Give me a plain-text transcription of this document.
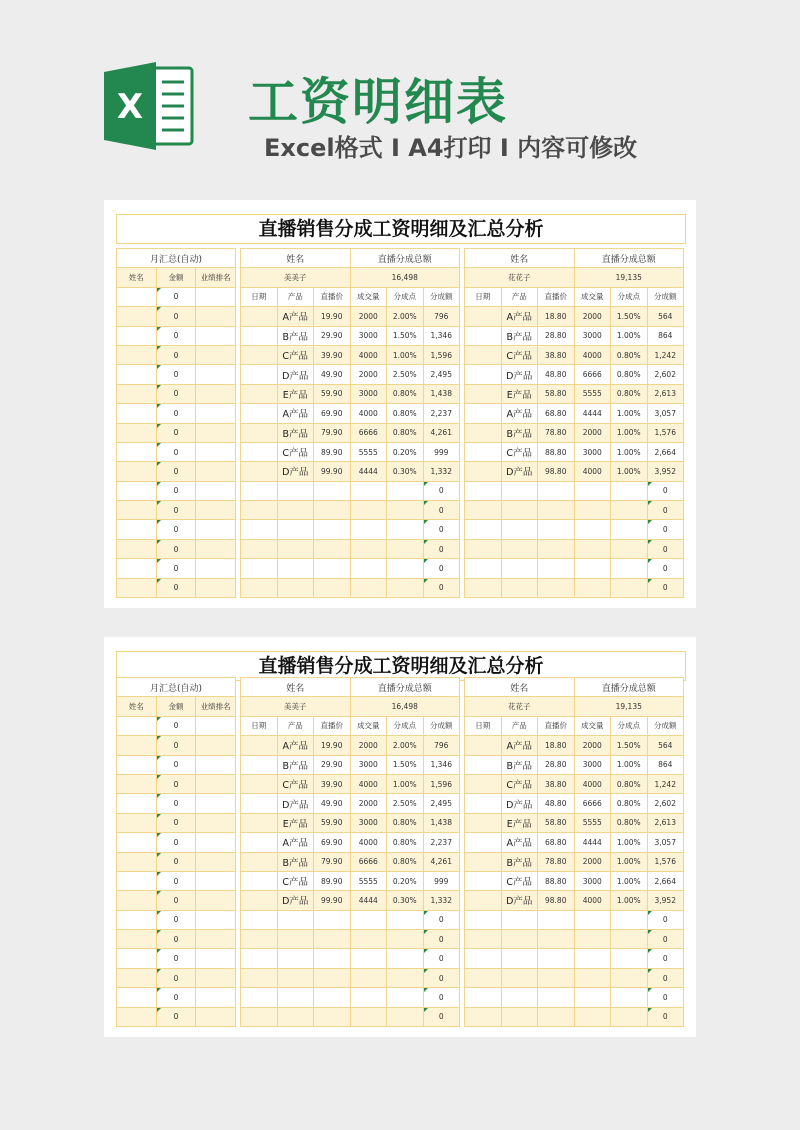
X 工资明细表
Excel格式 I A4打印 I 内容可修改
直播销售分成工资明细及汇总分析
月汇总(自动)		
姓名	金额	业绩排名
	0	
	0	
	0	
	0	
	0	
	0	
	0	
	0	
	0	
	0	
	0	
	0	
	0	
	0	
	0	
	0	
姓名			直播分成总额		
美美子			16,498		
日期	产品	直播价	成交量	分成点	分成额
	A产品	19.90	2000	2.00%	796
	B产品	29.90	3000	1.50%	1,346
	C产品	39.90	4000	1.00%	1,596
	D产品	49.90	2000	2.50%	2,495
	E产品	59.90	3000	0.80%	1,438
	A产品	69.90	4000	0.80%	2,237
	B产品	79.90	6666	0.80%	4,261
	C产品	89.90	5555	0.20%	999
	D产品	99.90	4444	0.30%	1,332
					0
					0
					0
					0
					0
					0
姓名			直播分成总额		
花花子			19,135		
日期	产品	直播价	成交量	分成点	分成额
	A产品	18.80	2000	1.50%	564
	B产品	28.80	3000	1.00%	864
	C产品	38.80	4000	0.80%	1,242
	D产品	48.80	6666	0.80%	2,602
	E产品	58.80	5555	0.80%	2,613
	A产品	68.80	4444	1.00%	3,057
	B产品	78.80	2000	1.00%	1,576
	C产品	88.80	3000	1.00%	2,664
	D产品	98.80	4000	1.00%	3,952
					0
					0
					0
					0
					0
					0
直播销售分成工资明细及汇总分析
月汇总(自动)		
姓名	金额	业绩排名
	0	
	0	
	0	
	0	
	0	
	0	
	0	
	0	
	0	
	0	
	0	
	0	
	0	
	0	
	0	
	0	
姓名			直播分成总额		
美美子			16,498		
日期	产品	直播价	成交量	分成点	分成额
	A产品	19.90	2000	2.00%	796
	B产品	29.90	3000	1.50%	1,346
	C产品	39.90	4000	1.00%	1,596
	D产品	49.90	2000	2.50%	2,495
	E产品	59.90	3000	0.80%	1,438
	A产品	69.90	4000	0.80%	2,237
	B产品	79.90	6666	0.80%	4,261
	C产品	89.90	5555	0.20%	999
	D产品	99.90	4444	0.30%	1,332
					0
					0
					0
					0
					0
					0
姓名			直播分成总额		
花花子			19,135		
日期	产品	直播价	成交量	分成点	分成额
	A产品	18.80	2000	1.50%	564
	B产品	28.80	3000	1.00%	864
	C产品	38.80	4000	0.80%	1,242
	D产品	48.80	6666	0.80%	2,602
	E产品	58.80	5555	0.80%	2,613
	A产品	68.80	4444	1.00%	3,057
	B产品	78.80	2000	1.00%	1,576
	C产品	88.80	3000	1.00%	2,664
	D产品	98.80	4000	1.00%	3,952
					0
					0
					0
					0
					0
					0
